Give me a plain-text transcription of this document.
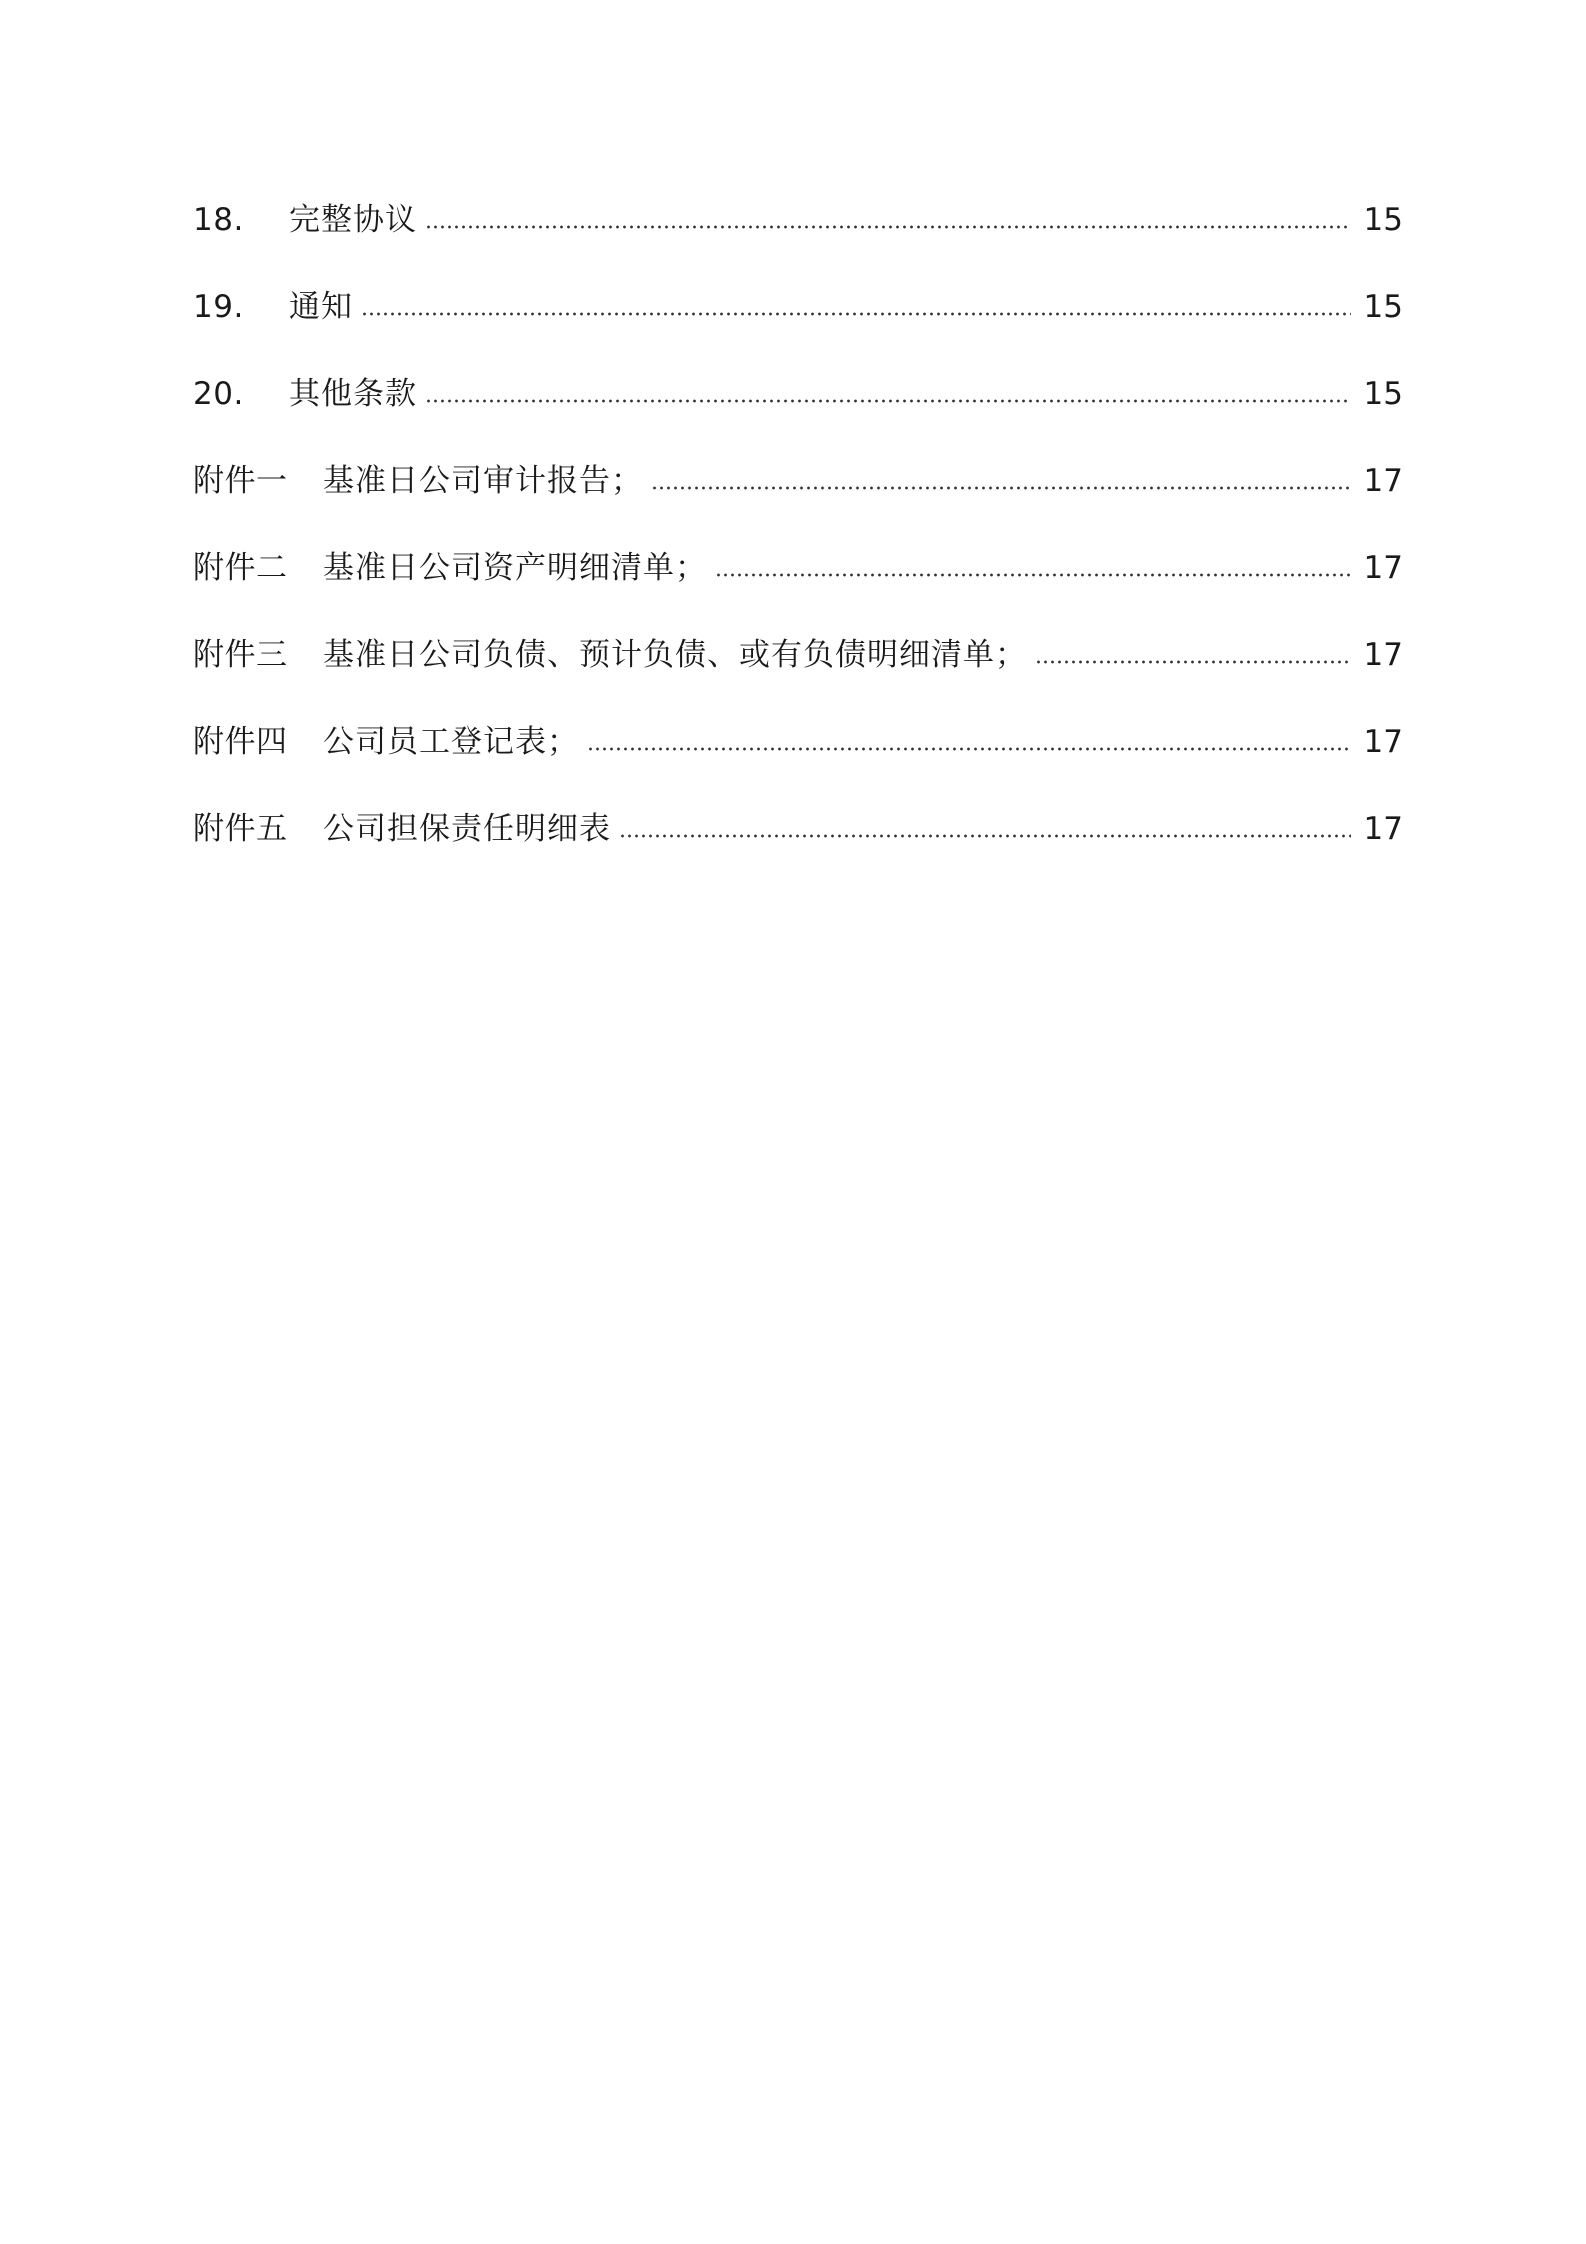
18.	完整协议	15
19.	通知	15
20.	其他条款	15
附件一	基准日公司审计报告；	17
附件二	基准日公司资产明细清单；	17
附件三	基准日公司负债、预计负债、或有负债明细清单；	17
附件四	公司员工登记表；	17
附件五	公司担保责任明细表	17
